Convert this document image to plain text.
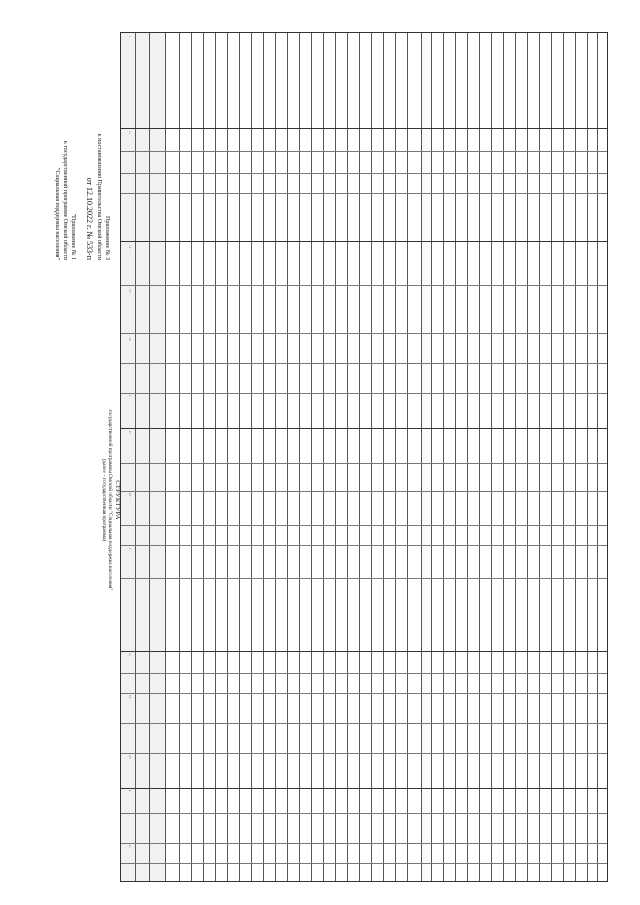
Приложение № 3
к постановлению Правительства Омской области
от 12.10.2022 г. № 533-п
"Приложение № 1
к государственной программе Омской области
"Социальная поддержка населения"
СТРУКТУРА
государственной программы Омской области "Социальная поддержка населения"
(далее – государственная программа)
1
1.1
1.2
1.3
1.4
2
2.1
2.2
3
3.1
3.2
3.3
4
4.1
